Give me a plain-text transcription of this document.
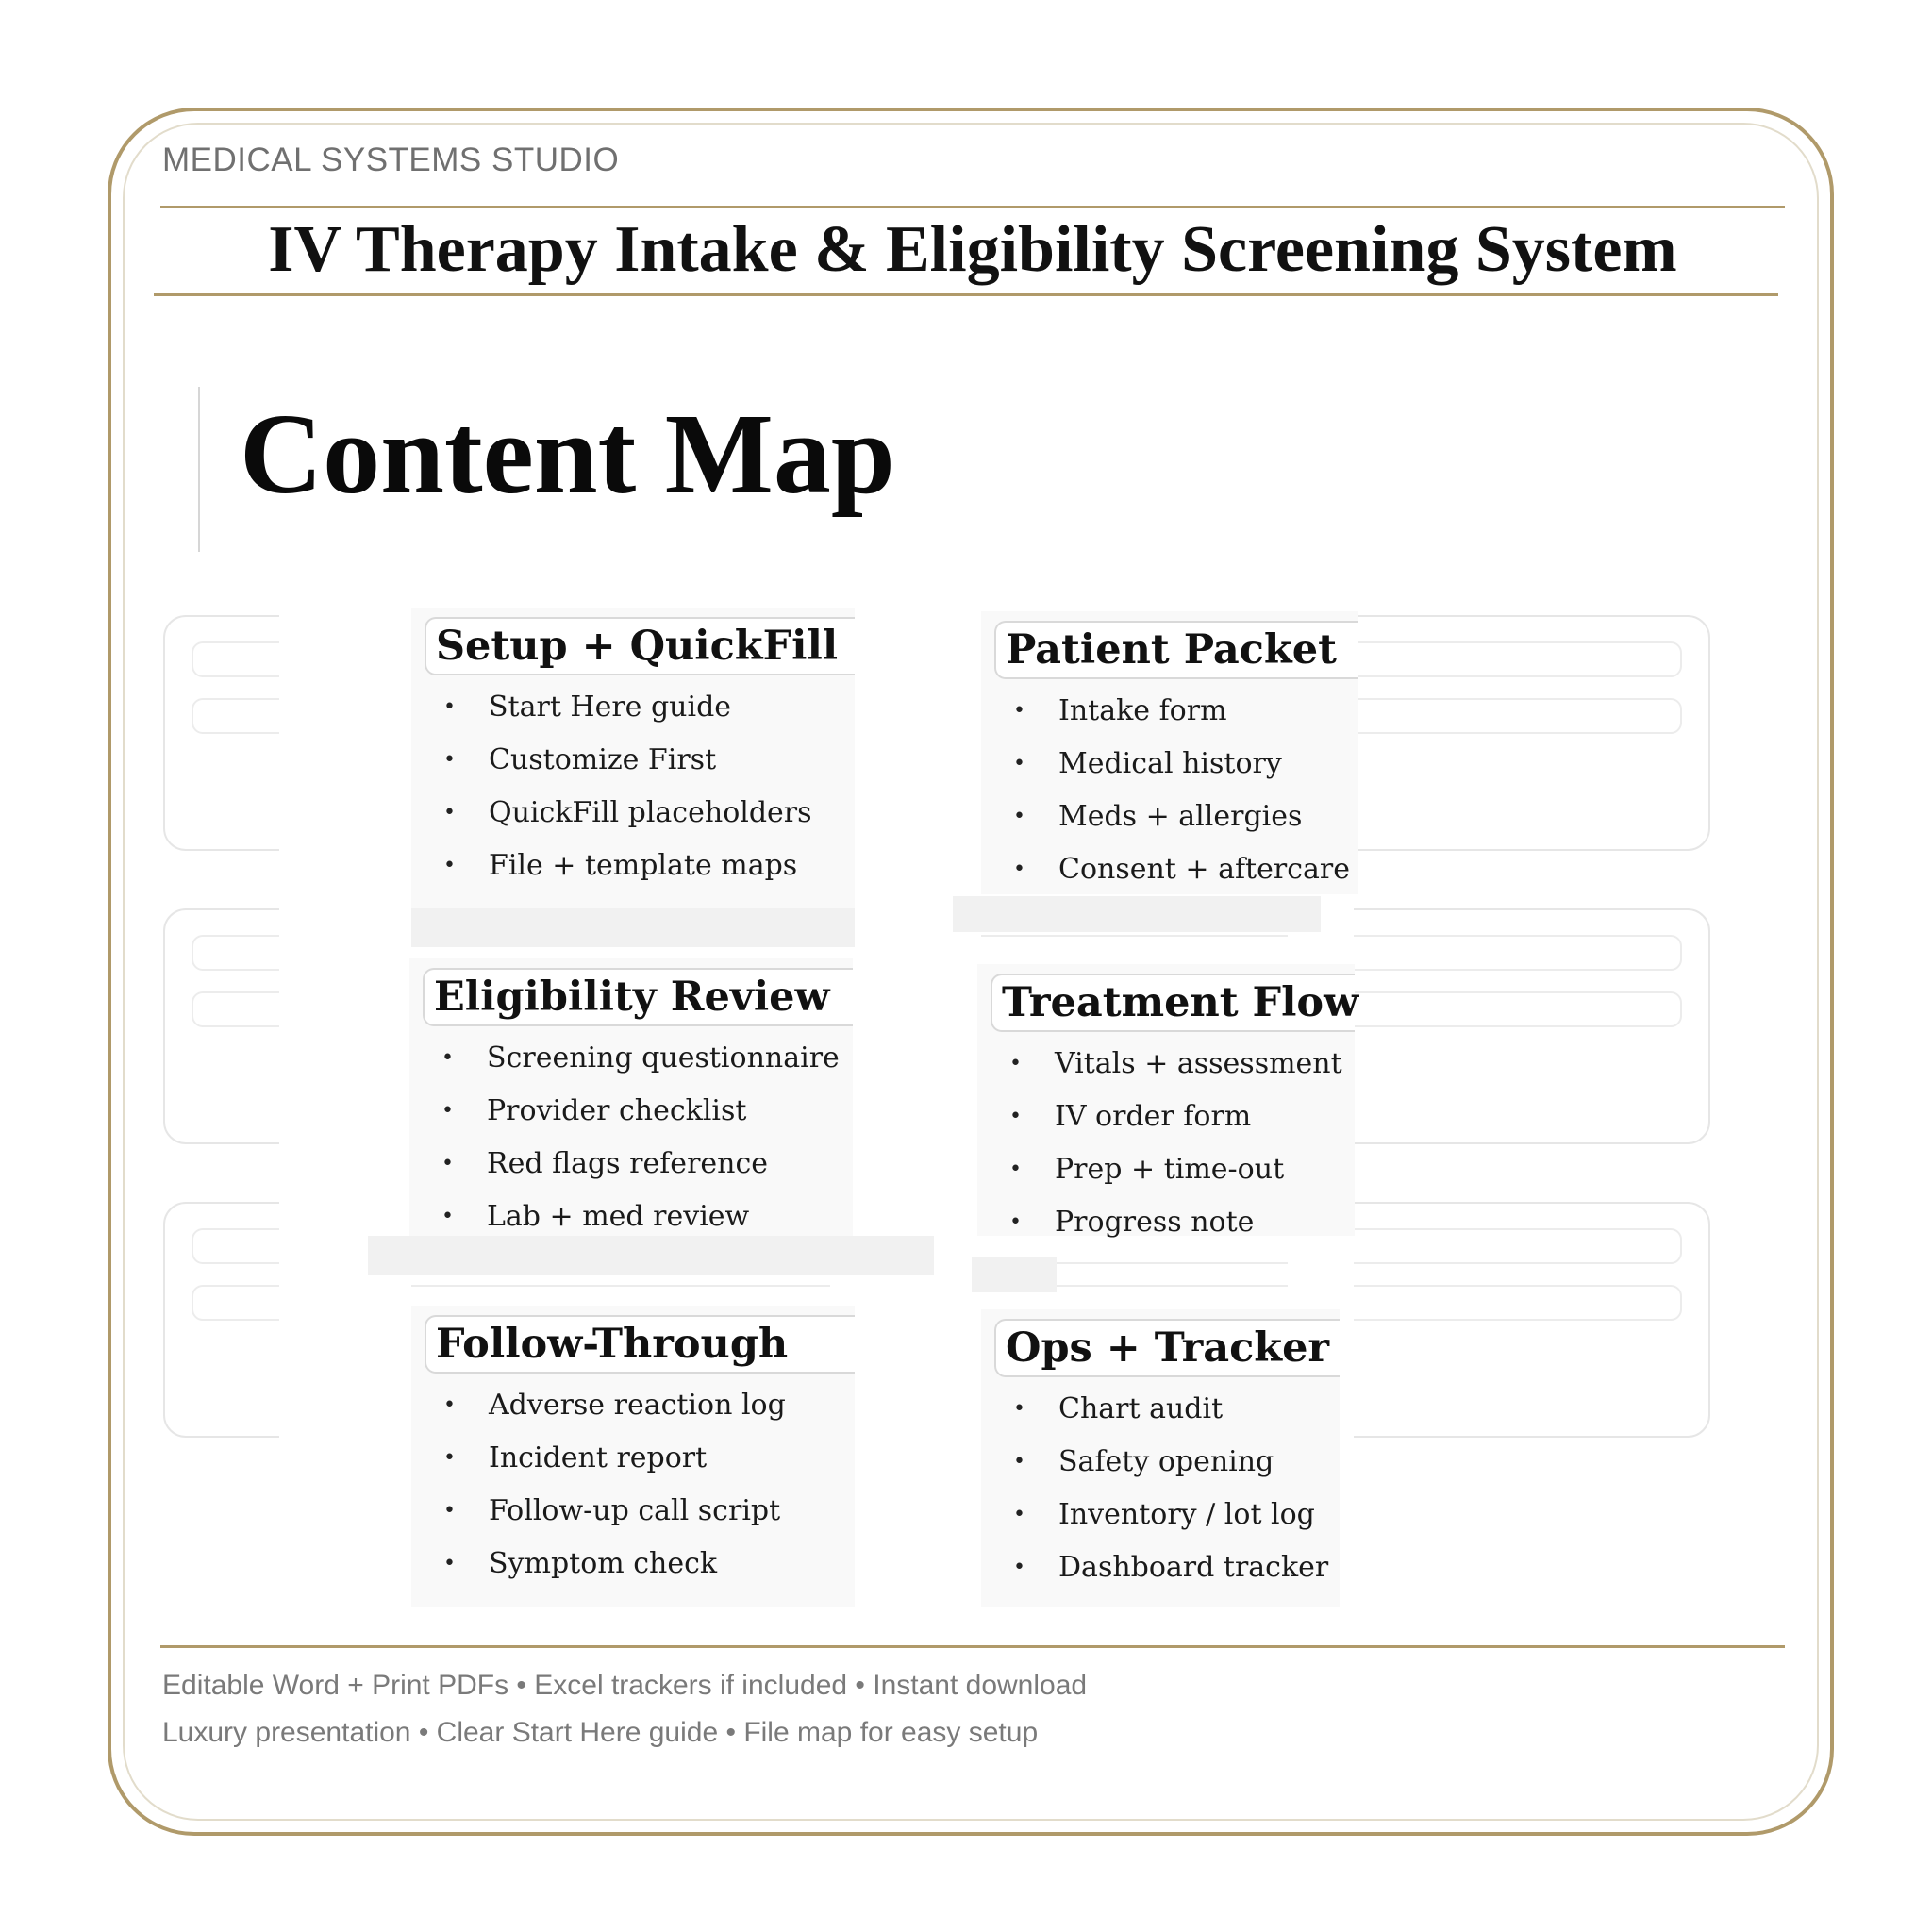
MEDICAL SYSTEMS STUDIO
IV Therapy Intake & Eligibility Screening System
Content Map
Setup + QuickFill
• Start Here guide
• Customize First
• QuickFill placeholders
• File + template maps
Patient Packet
• Intake form
• Medical history
• Meds + allergies
• Consent + aftercare
Eligibility Review
• Screening questionnaire
• Provider checklist
• Red flags reference
• Lab + med review
Treatment Flow
• Vitals + assessment
• IV order form
• Prep + time-out
• Progress note
Follow-Through
• Adverse reaction log
• Incident report
• Follow-up call script
• Symptom check
Ops + Tracker
• Chart audit
• Safety opening
• Inventory / lot log
• Dashboard tracker
Editable Word + Print PDFs • Excel trackers if included • Instant download
Luxury presentation • Clear Start Here guide • File map for easy setup
